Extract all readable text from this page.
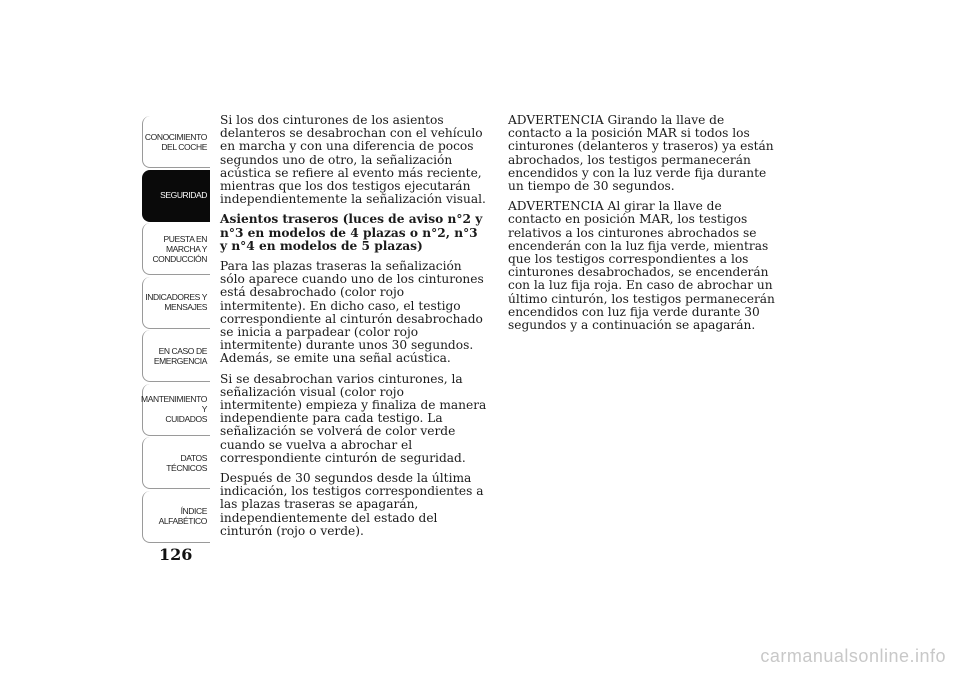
CONOCIMIENTO
DEL COCHE
SEGURIDAD
PUESTA EN
MARCHA Y
CONDUCCIÓN
INDICADORES Y
MENSAJES
EN CASO DE
EMERGENCIA
MANTENIMIENTO Y
CUIDADOS
DATOS TÉCNICOS
ÍNDICE
ALFABÉTICO
126

Si los dos cinturones de los asientos delanteros se desabrochan con el vehículo en marcha y con una diferencia de pocos segundos uno de otro, la señalización acústica se refiere al evento más reciente, mientras que los dos testigos ejecutarán independientemente la señalización visual.

Asientos traseros (luces de aviso n°2 y n°3 en modelos de 4 plazas o n°2, n°3 y n°4 en modelos de 5 plazas)

Para las plazas traseras la señalización sólo aparece cuando uno de los cinturones está desabrochado (color rojo intermitente). En dicho caso, el testigo correspondiente al cinturón desabrochado se inicia a parpadear (color rojo intermitente) durante unos 30 segundos. Además, se emite una señal acústica.

Si se desabrochan varios cinturones, la señalización visual (color rojo intermitente) empieza y finaliza de manera independiente para cada testigo. La señalización se volverá de color verde cuando se vuelva a abrochar el correspondiente cinturón de seguridad.

Después de 30 segundos desde la última indicación, los testigos correspondientes a las plazas traseras se apagarán, independientemente del estado del cinturón (rojo o verde).

ADVERTENCIA Girando la llave de contacto a la posición MAR si todos los cinturones (delanteros y traseros) ya están abrochados, los testigos permanecerán encendidos y con la luz verde fija durante un tiempo de 30 segundos.

ADVERTENCIA Al girar la llave de contacto en posición MAR, los testigos relativos a los cinturones abrochados se encenderán con la luz fija verde, mientras que los testigos correspondientes a los cinturones desabrochados, se encenderán con la luz fija roja. En caso de abrochar un último cinturón, los testigos permanecerán encendidos con luz fija verde durante 30 segundos y a continuación se apagarán.

carmanualsonline.info
